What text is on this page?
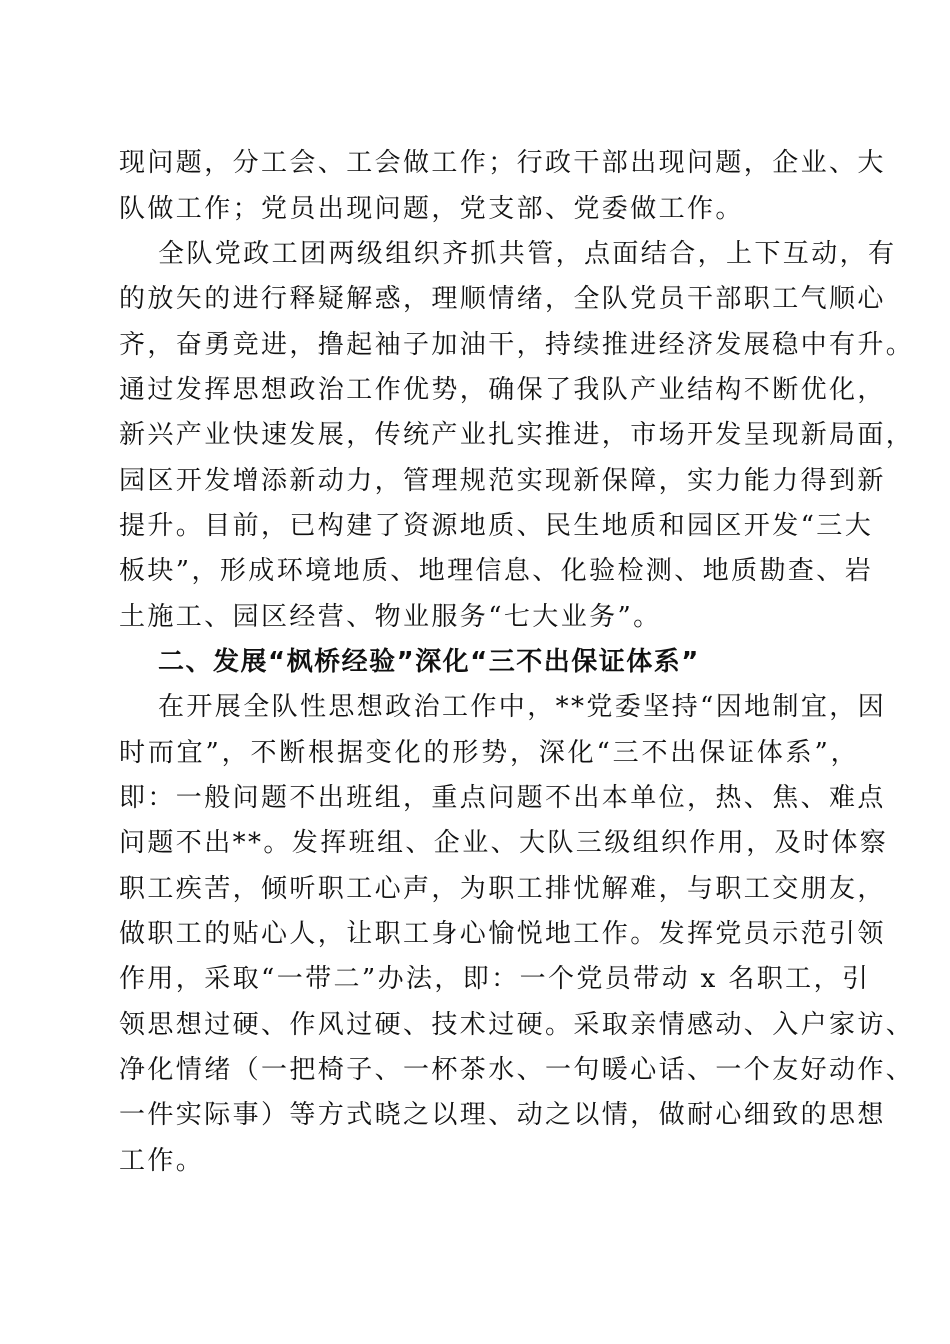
现问题，分工会、工会做工作；行政干部出现问题，企业、大
队做工作；党员出现问题，党支部、党委做工作。
全队党政工团两级组织齐抓共管，点面结合，上下互动，有
的放矢的进行释疑解惑，理顺情绪，全队党员干部职工气顺心
齐，奋勇竞进，撸起袖子加油干，持续推进经济发展稳中有升。
通过发挥思想政治工作优势，确保了我队产业结构不断优化，
新兴产业快速发展，传统产业扎实推进，市场开发呈现新局面，
园区开发增添新动力，管理规范实现新保障，实力能力得到新
提升。目前，已构建了资源地质、民生地质和园区开发“三大
板块”，形成环境地质、地理信息、化验检测、地质勘查、岩
土施工、园区经营、物业服务“七大业务”。
二、发展“枫桥经验”深化“三不出保证体系”
在开展全队性思想政治工作中，**党委坚持“因地制宜，因
时而宜”，不断根据变化的形势，深化“三不出保证体系”，
即：一般问题不出班组，重点问题不出本单位，热、焦、难点
问题不出**。发挥班组、企业、大队三级组织作用，及时体察
职工疾苦，倾听职工心声，为职工排忧解难，与职工交朋友，
做职工的贴心人，让职工身心愉悦地工作。发挥党员示范引领
作用，采取“一带二”办法，即：一个党员带动 x 名职工，引
领思想过硬、作风过硬、技术过硬。采取亲情感动、入户家访、
净化情绪（一把椅子、一杯茶水、一句暖心话、一个友好动作、
一件实际事）等方式晓之以理、动之以情，做耐心细致的思想
工作。
